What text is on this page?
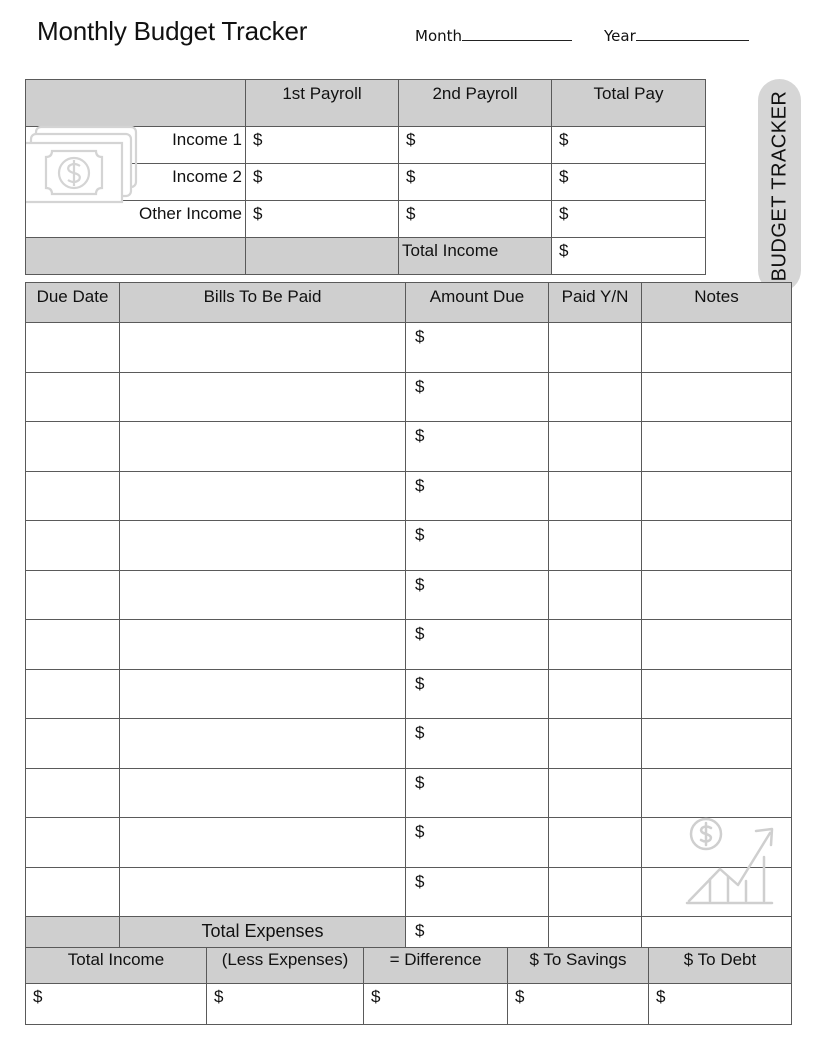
Monthly Budget Tracker	Month	Year
	1st Payroll	2nd Payroll	Total Pay
Income 1	$	$	$
Income 2	$	$	$
Other Income	$	$	$
		Total Income	$	BUDGET TRACKER
Due Date	Bills To Be Paid	Amount Due	Paid Y/N	Notes
		$		
		$		
		$		
		$		
		$		
		$		
		$		
		$		
		$		
		$		
		$		
		$		
	Total Expenses	$		
Total Income	(Less Expenses)	= Difference	$ To Savings	$ To Debt
$	$	$	$	$
